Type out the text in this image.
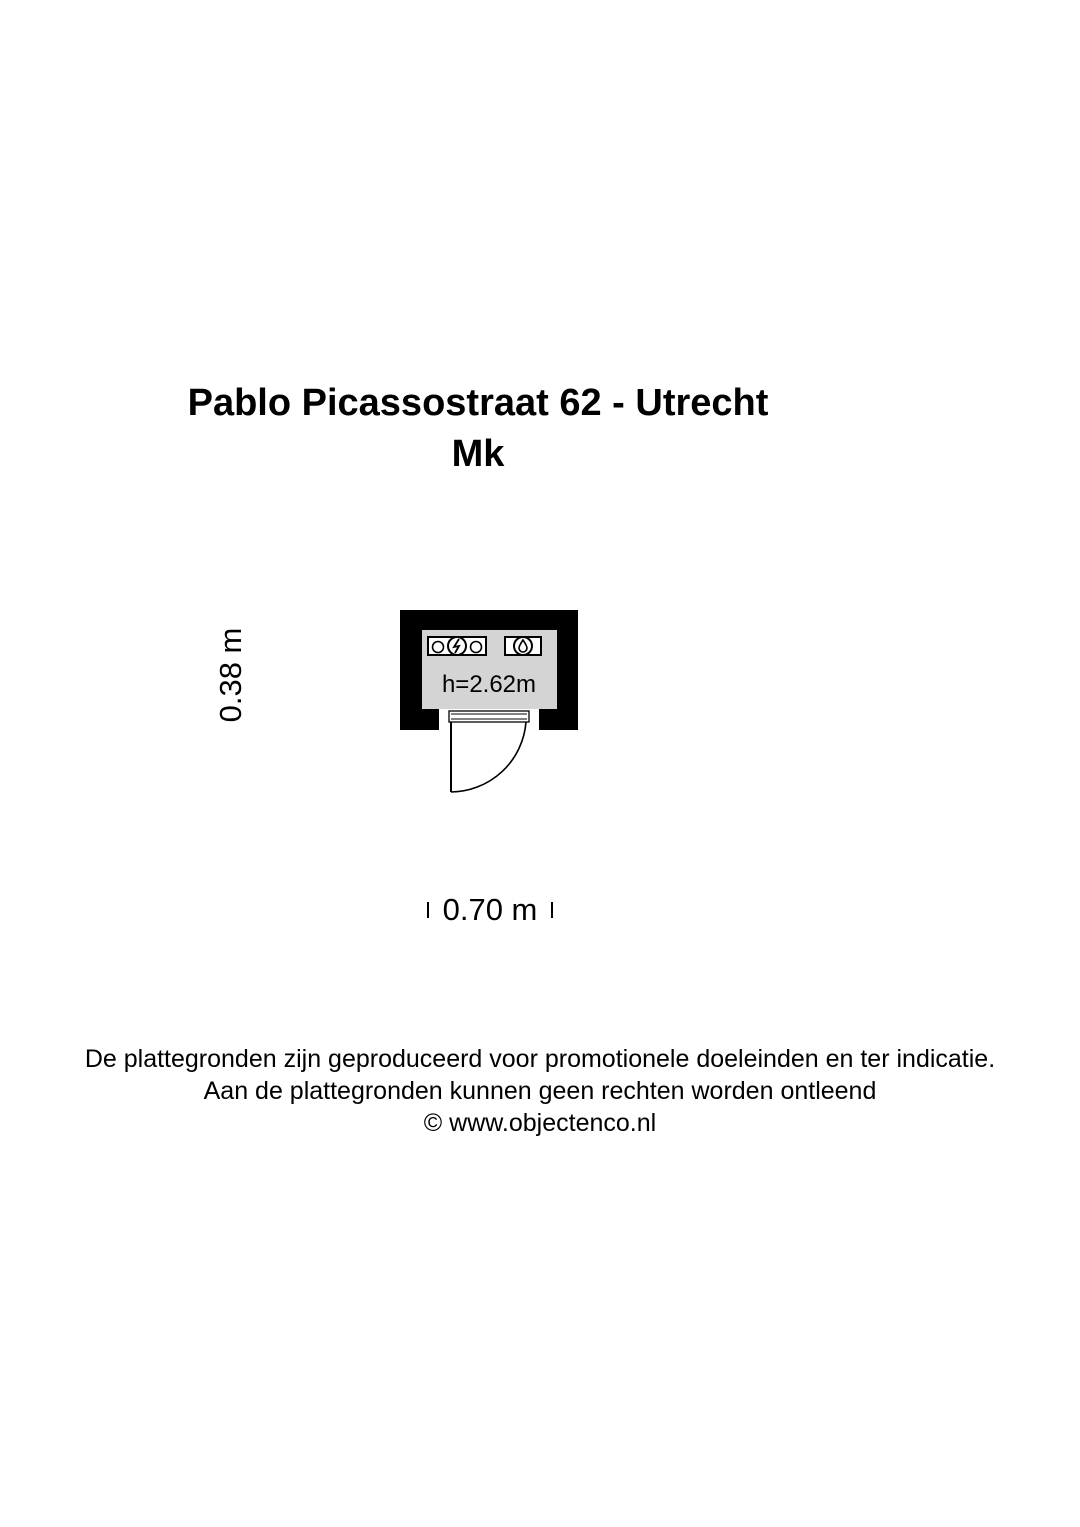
Pablo Picassostraat 62 - Utrecht
Mk
0.38 m	h=2.62m
0.70 m
De plattegronden zijn geproduceerd voor promotionele doeleinden en ter indicatie.
Aan de plattegronden kunnen geen rechten worden ontleend
© www.objectenco.nl
